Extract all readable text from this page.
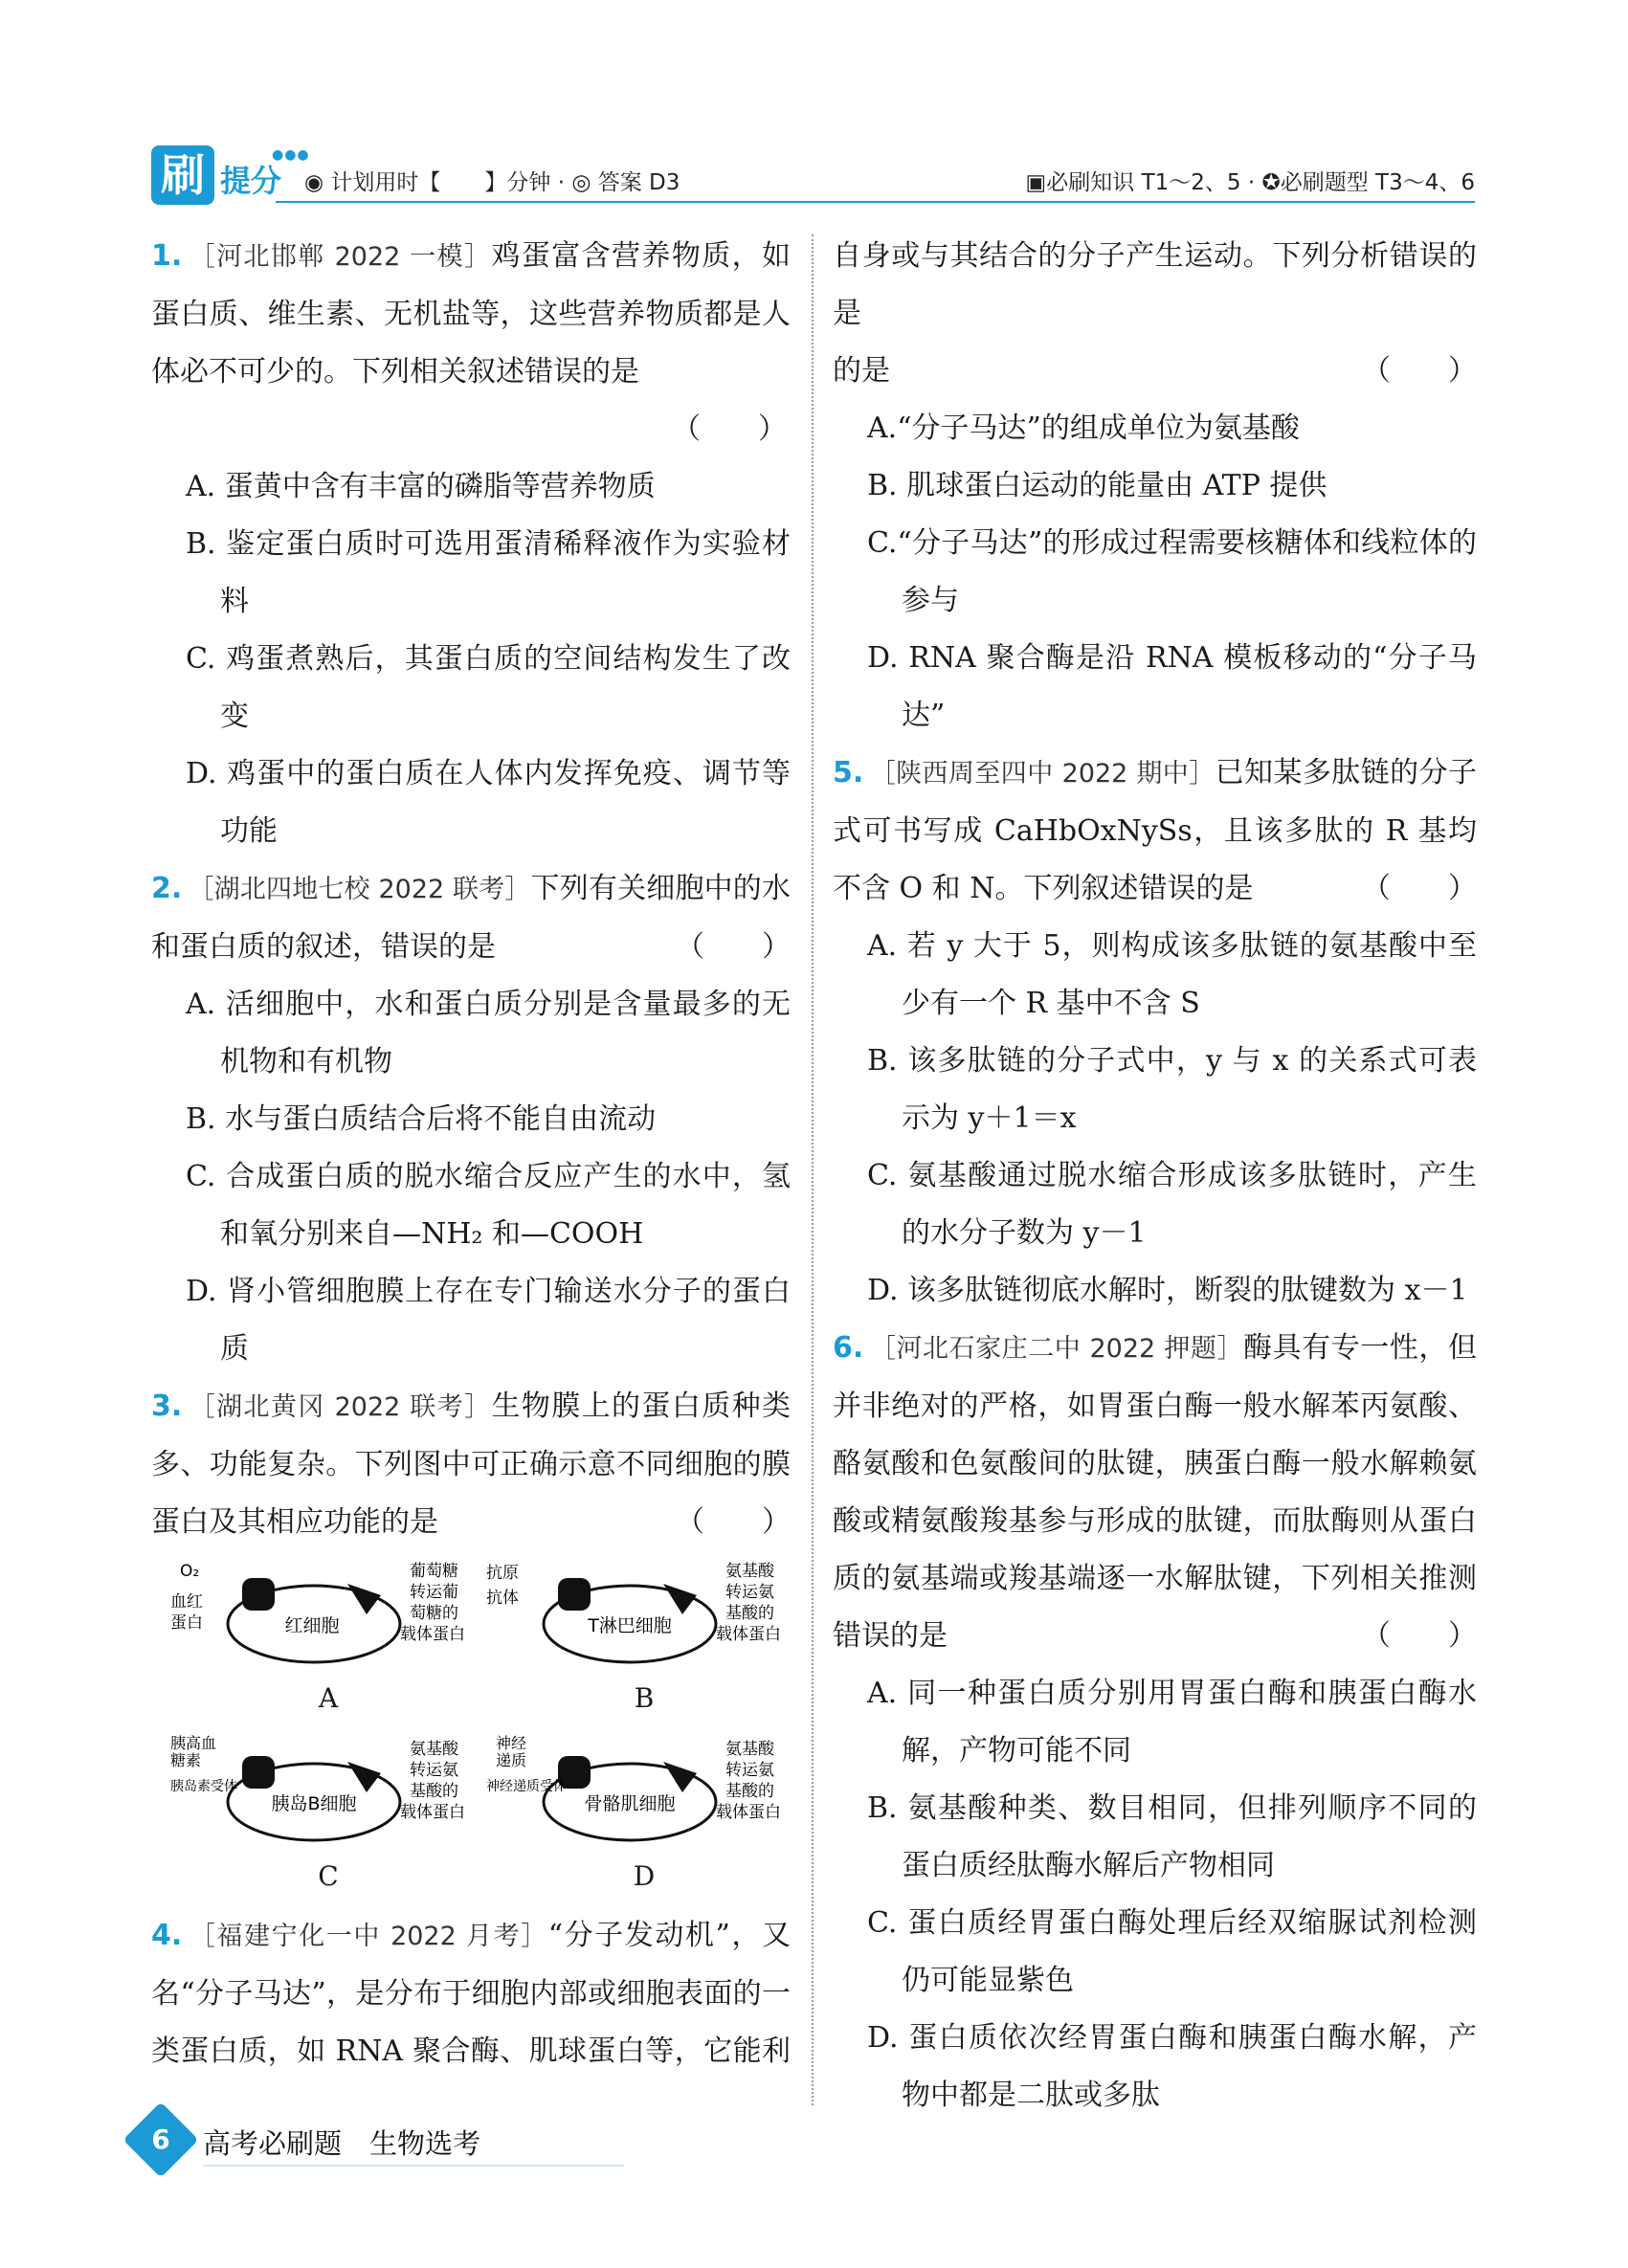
刷 提分
●●●
◉ 计划用时【　　】分钟 · ◎ 答案 D3	▣必刷知识 T1～2、5 · ✪必刷题型 T3～4、6

1. ［河北邯郸 2022 一模］鸡蛋富含营养物质，如蛋白质、维生素、无机盐等，这些营养物质都是人体必不可少的。下列相关叙述错误的是

（　　）

A. 蛋黄中含有丰富的磷脂等营养物质

B. 鉴定蛋白质时可选用蛋清稀释液作为实验材料

C. 鸡蛋煮熟后，其蛋白质的空间结构发生了改变

D. 鸡蛋中的蛋白质在人体内发挥免疫、调节等功能

2. ［湖北四地七校 2022 联考］下列有关细胞中的水和蛋白质的叙述，错误的是	（　　）

A. 活细胞中，水和蛋白质分别是含量最多的无机物和有机物

B. 水与蛋白质结合后将不能自由流动

C. 合成蛋白质的脱水缩合反应产生的水中，氢和氧分别来自—NH₂ 和—COOH

D. 肾小管细胞膜上存在专门输送水分子的蛋白质

3. ［湖北黄冈 2022 联考］生物膜上的蛋白质种类多、功能复杂。下列图中可正确示意不同细胞的膜蛋白及其相应功能的是	（　　）

红细胞
O₂
血红
蛋白
葡萄糖
转运葡
萄糖的
载体蛋白
A
T淋巴细胞
抗原
抗体
氨基酸
转运氨
基酸的
载体蛋白
B
胰岛B细胞
胰高血
糖素
胰岛素受体
氨基酸
转运氨
基酸的
载体蛋白
C
骨骼肌细胞
神经
递质
神经递质受体
氨基酸
转运氨
基酸的
载体蛋白
D

4. ［福建宁化一中 2022 月考］“分子发动机”，又名“分子马达”，是分布于细胞内部或细胞表面的一类蛋白质，如 RNA 聚合酶、肌球蛋白等，它能利

自身或与其结合的分子产生运动。下列分析错误的是

的是	（　　）

A.“分子马达”的组成单位为氨基酸

B. 肌球蛋白运动的能量由 ATP 提供

C.“分子马达”的形成过程需要核糖体和线粒体的参与

D. RNA 聚合酶是沿 RNA 模板移动的“分子马达”

5. ［陕西周至四中 2022 期中］已知某多肽链的分子式可书写成 CaHbOxNySs，且该多肽的 R 基均不含 O 和 N。下列叙述错误的是	（　　）

A. 若 y 大于 5，则构成该多肽链的氨基酸中至少有一个 R 基中不含 S

B. 该多肽链的分子式中，y 与 x 的关系式可表示为 y＋1＝x

C. 氨基酸通过脱水缩合形成该多肽链时，产生的水分子数为 y－1

D. 该多肽链彻底水解时，断裂的肽键数为 x－1

6. ［河北石家庄二中 2022 押题］酶具有专一性，但并非绝对的严格，如胃蛋白酶一般水解苯丙氨酸、酪氨酸和色氨酸间的肽键，胰蛋白酶一般水解赖氨酸或精氨酸羧基参与形成的肽键，而肽酶则从蛋白质的氨基端或羧基端逐一水解肽键，下列相关推测错误的是	（　　）

A. 同一种蛋白质分别用胃蛋白酶和胰蛋白酶水解，产物可能不同

B. 氨基酸种类、数目相同，但排列顺序不同的蛋白质经肽酶水解后产物相同

C. 蛋白质经胃蛋白酶处理后经双缩脲试剂检测仍可能显紫色

D. 蛋白质依次经胃蛋白酶和胰蛋白酶水解，产物中都是二肽或多肽

6	高考必刷题　生物选考
